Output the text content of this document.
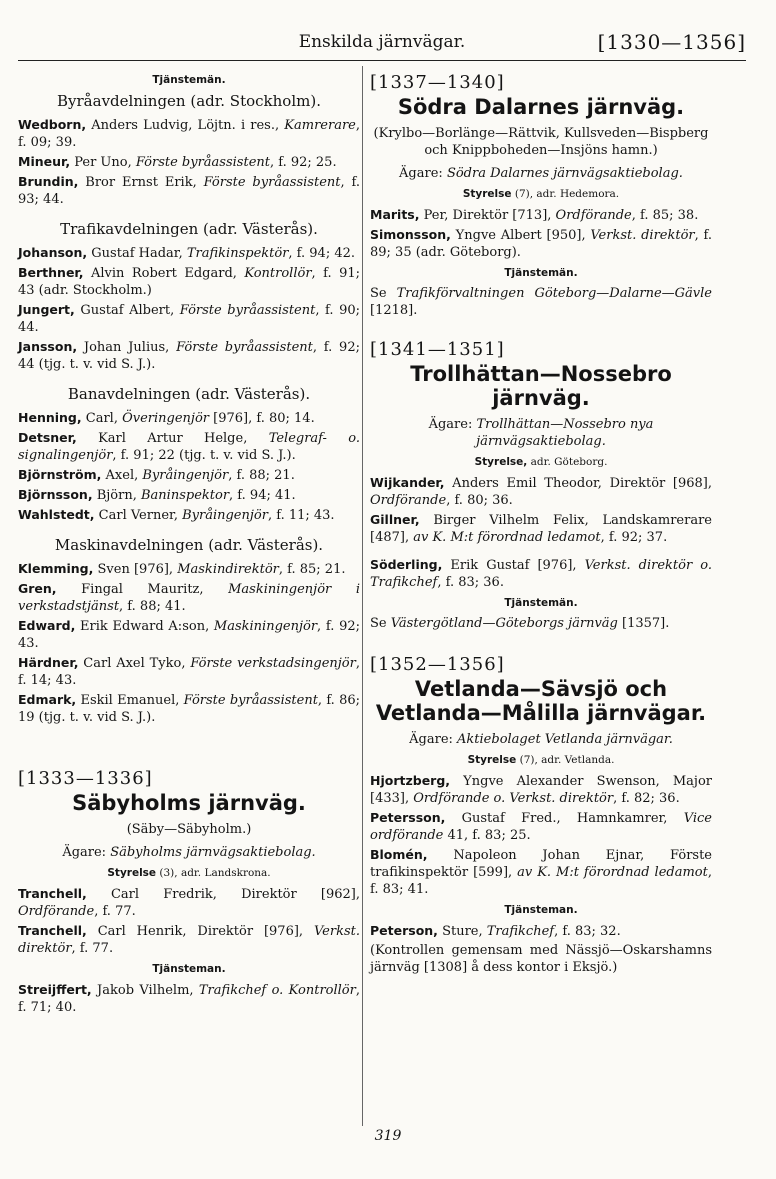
Enskilda järnvägar.	[1330—1356]
Tjänstemän.
Byråavdelningen (adr. Stockholm).
Wedborn, Anders Ludvig, Löjtn. i res., Kamrerare, f. 09; 39.
Mineur, Per Uno, Förste byråassistent, f. 92; 25.
Brundin, Bror Ernst Erik, Förste byråassistent, f. 93; 44.
Trafikavdelningen (adr. Västerås).
Johanson, Gustaf Hadar, Trafikinspektör, f. 94; 42.
Berthner, Alvin Robert Edgard, Kontrollör, f. 91; 43 (adr. Stockholm.)
Jungert, Gustaf Albert, Förste byråassistent, f. 90; 44.
Jansson, Johan Julius, Förste byråassistent, f. 92; 44 (tjg. t. v. vid S. J.).
Banavdelningen (adr. Västerås).
Henning, Carl, Överingenjör [976], f. 80; 14.
Detsner, Karl Artur Helge, Telegraf- o. signalingenjör, f. 91; 22 (tjg. t. v. vid S. J.).
Björnström, Axel, Byråingenjör, f. 88; 21.
Björnsson, Björn, Baninspektor, f. 94; 41.
Wahlstedt, Carl Verner, Byråingenjör, f. 11; 43.
Maskinavdelningen (adr. Västerås).
Klemming, Sven [976], Maskindirektör, f. 85; 21.
Gren, Fingal Mauritz, Maskiningenjör i verkstadstjänst, f. 88; 41.
Edward, Erik Edward A:son, Maskiningenjör, f. 92; 43.
Härdner, Carl Axel Tyko, Förste verkstadsingenjör, f. 14; 43.
Edmark, Eskil Emanuel, Förste byråassistent, f. 86; 19 (tjg. t. v. vid S. J.).
[1333—1336]
Säbyholms järnväg.
(Säby—Säbyholm.)
Ägare: Säbyholms järnvägsaktiebolag.
Styrelse (3), adr. Landskrona.
Tranchell, Carl Fredrik, Direktör [962], Ordförande, f. 77.
Tranchell, Carl Henrik, Direktör [976], Verkst. direktör, f. 77.
Tjänsteman.
Streijffert, Jakob Vilhelm, Trafikchef o. Kontrollör, f. 71; 40.
[1337—1340]
Södra Dalarnes järnväg.
(Krylbo—Borlänge—Rättvik, Kullsveden—Bispberg och Knippboheden—Insjöns hamn.)
Ägare: Södra Dalarnes järnvägsaktiebolag.
Styrelse (7), adr. Hedemora.
Marits, Per, Direktör [713], Ordförande, f. 85; 38.
Simonsson, Yngve Albert [950], Verkst. direktör, f. 89; 35 (adr. Göteborg).
Tjänstemän.
Se Trafikförvaltningen Göteborg—Dalarne—Gävle [1218].
[1341—1351]
Trollhättan—Nossebro järnväg.
Ägare: Trollhättan—Nossebro nya järnvägsaktiebolag.
Styrelse, adr. Göteborg.
Wijkander, Anders Emil Theodor, Direktör [968], Ordförande, f. 80; 36.
Gillner, Birger Vilhelm Felix, Landskamrerare [487], av K. M:t förordnad ledamot, f. 92; 37.
Söderling, Erik Gustaf [976], Verkst. direktör o. Trafikchef, f. 83; 36.
Tjänstemän.
Se Västergötland—Göteborgs järnväg [1357].
[1352—1356]
Vetlanda—Sävsjö och Vetlanda—Målilla järnvägar.
Ägare: Aktiebolaget Vetlanda järnvägar.
Styrelse (7), adr. Vetlanda.
Hjortzberg, Yngve Alexander Swenson, Major [433], Ordförande o. Verkst. direktör, f. 82; 36.
Petersson, Gustaf Fred., Hamnkamrer, Vice ordförande 41, f. 83; 25.
Blomén, Napoleon Johan Ejnar, Förste trafikinspektör [599], av K. M:t förordnad ledamot, f. 83; 41.
Tjänsteman.
Peterson, Sture, Trafikchef, f. 83; 32.
(Kontrollen gemensam med Nässjö—Oskarshamns järnväg [1308] å dess kontor i Eksjö.)
319
